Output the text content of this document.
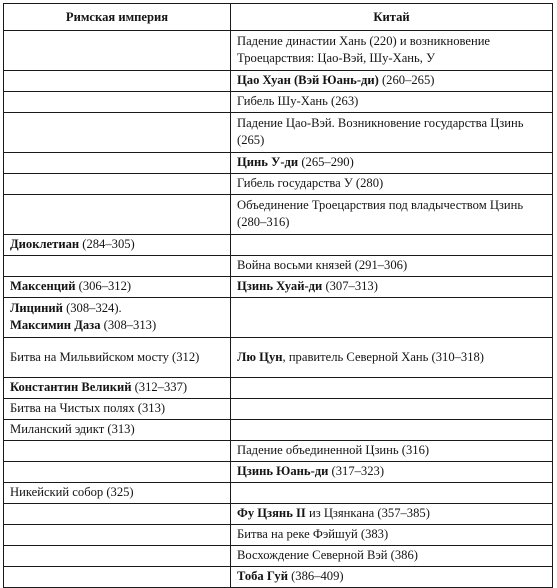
Римская империя	Китай
	Падение династии Хань (220) и возникновение Троецарствия: Цао-Вэй, Шу-Хань, У
	Цао Хуан (Вэй Юань-ди) (260–265)
	Гибель Шу-Хань (263)
	Падение Цао-Вэй. Возникновение государства Цзинь (265)
	Цинь У-ди (265–290)
	Гибель государства У (280)
	Объединение Троецарствия под владычеством Цзинь (280–316)
Диоклетиан (284–305)	
	Война восьми князей (291–306)
Максенций (306–312)	Цзинь Хуай-ди (307–313)
Лициний (308–324).
Максимин Даза (308–313)	
Битва на Мильвийском мосту (312)	Лю Цун, правитель Северной Хань (310–318)
Константин Великий (312–337)	
Битва на Чистых полях (313)	
Миланский эдикт (313)	
	Падение объединенной Цзинь (316)
	Цзинь Юань-ди (317–323)
Никейский собор (325)	
	Фу Цзянь II из Цзянкана (357–385)
	Битва на реке Фэйшуй (383)
	Восхождение Северной Вэй (386)
	Тоба Гуй (386–409)
